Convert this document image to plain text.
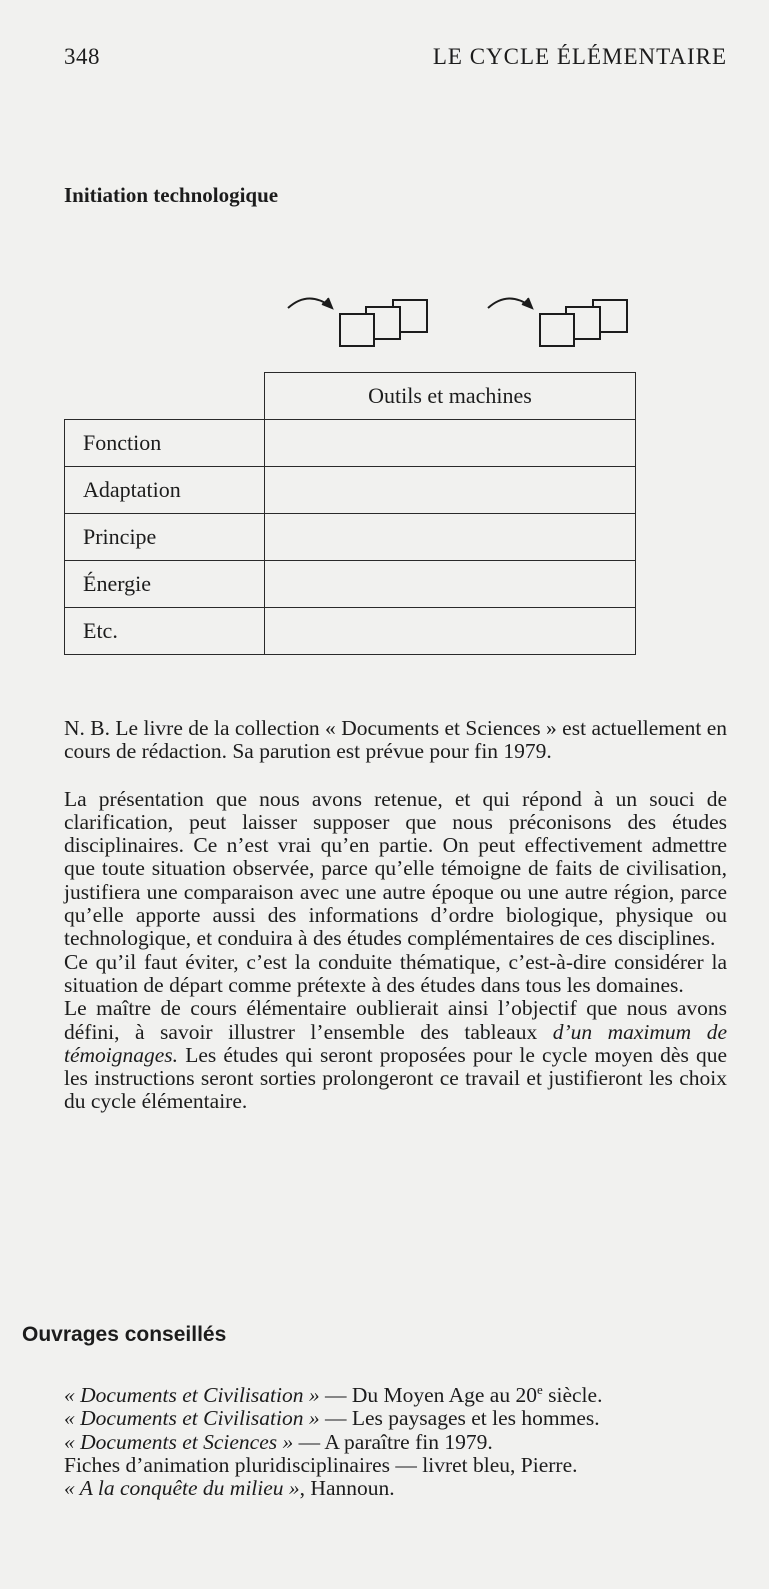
348	LE CYCLE ÉLÉMENTAIRE
Initiation technologique
	Outils et machines
Fonction	
Adaptation	
Principe	
Énergie	
Etc.	

N. B. Le livre de la collection « Documents et Sciences » est actuellement en cours de rédaction. Sa parution est prévue pour fin 1979.

La présentation que nous avons retenue, et qui répond à un souci de clarification, peut laisser supposer que nous préconisons des études disciplinaires. Ce n’est vrai qu’en partie. On peut effectivement admettre que toute situation observée, parce qu’elle témoigne de faits de civilisation, justifiera une comparaison avec une autre époque ou une autre région, parce qu’elle apporte aussi des informations d’ordre biologique, physique ou technologique, et conduira à des études complémentaires de ces disciplines.

Ce qu’il faut éviter, c’est la conduite thématique, c’est-à-dire considérer la situation de départ comme prétexte à des études dans tous les domaines.

Le maître de cours élémentaire oublierait ainsi l’objectif que nous avons défini, à savoir illustrer l’ensemble des tableaux d’un maximum de témoignages. Les études qui seront proposées pour le cycle moyen dès que les instructions seront sorties prolongeront ce travail et justifieront les choix du cycle élémentaire.

Ouvrages conseillés

« Documents et Civilisation » — Du Moyen Age au 20e siècle.

« Documents et Civilisation » — Les paysages et les hommes.

« Documents et Sciences » — A paraître fin 1979.

Fiches d’animation pluridisciplinaires — livret bleu, Pierre.

« A la conquête du milieu », Hannoun.
